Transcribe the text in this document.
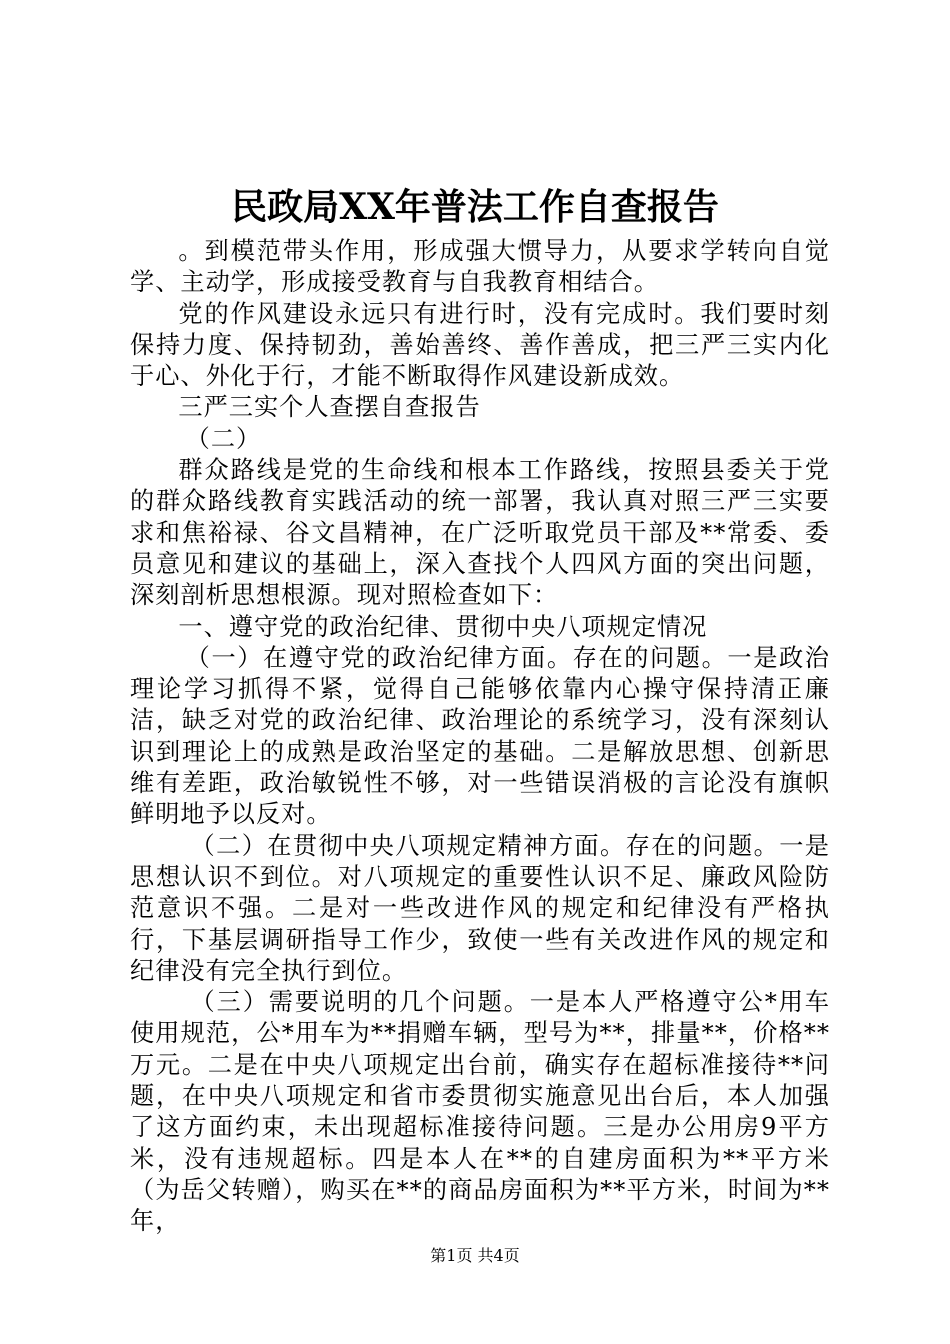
民政局XX年普法工作自查报告

。到模范带头作用，形成强大惯导力，从要求学转向自觉学、主动学，形成接受教育与自我教育相结合。

党的作风建设永远只有进行时，没有完成时。我们要时刻保持力度、保持韧劲，善始善终、善作善成，把三严三实内化于心、外化于行，才能不断取得作风建设新成效。

三严三实个人查摆自查报告

（二）

群众路线是党的生命线和根本工作路线，按照县委关于党的群众路线教育实践活动的统一部署，我认真对照三严三实要求和焦裕禄、谷文昌精神，在广泛听取党员干部及**常委、委员意见和建议的基础上，深入查找个人四风方面的突出问题，深刻剖析思想根源。现对照检查如下：

一、遵守党的政治纪律、贯彻中央八项规定情况

（一）在遵守党的政治纪律方面。存在的问题。一是政治理论学习抓得不紧，觉得自己能够依靠内心操守保持清正廉洁，缺乏对党的政治纪律、政治理论的系统学习，没有深刻认识到理论上的成熟是政治坚定的基础。二是解放思想、创新思维有差距，政治敏锐性不够，对一些错误消极的言论没有旗帜鲜明地予以反对。

（二）在贯彻中央八项规定精神方面。存在的问题。一是思想认识不到位。对八项规定的重要性认识不足、廉政风险防范意识不强。二是对一些改进作风的规定和纪律没有严格执行，下基层调研指导工作少，致使一些有关改进作风的规定和纪律没有完全执行到位。

（三）需要说明的几个问题。一是本人严格遵守公*用车使用规范，公*用车为**捐赠车辆，型号为**，排量**，价格**万元。二是在中央八项规定出台前，确实存在超标准接待**问题，在中央八项规定和省市委贯彻实施意见出台后，本人加强了这方面约束，未出现超标准接待问题。三是办公用房9平方米，没有违规超标。四是本人在**的自建房面积为**平方米（为岳父转赠），购买在**的商品房面积为**平方米，时间为**年，

第1页 共4页
